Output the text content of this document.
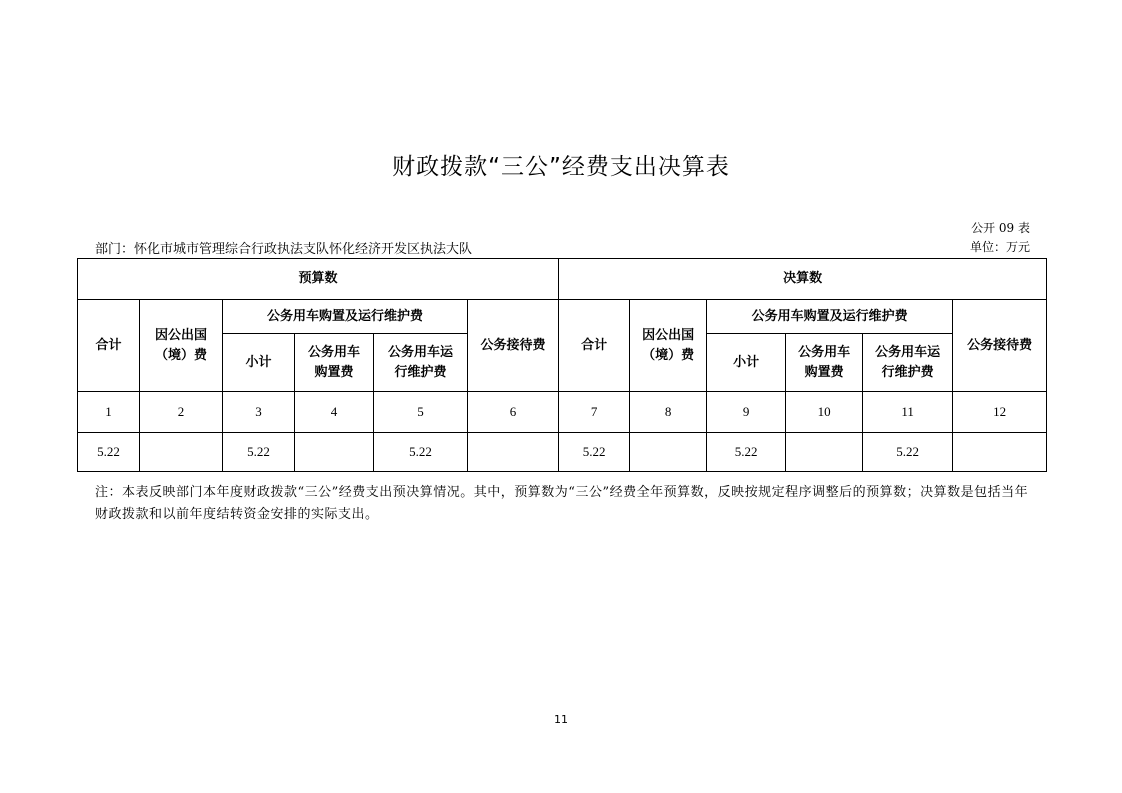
财政拨款“三公”经费支出决算表
公开 09 表
部门：怀化市城市管理综合行政执法支队怀化经济开发区执法大队	单位：万元
预算数						决算数					
合计	因公出国（境）费	公务用车购置及运行维护费			公务接待费	合计	因公出国（境）费	公务用车购置及运行维护费			公务接待费
		小计	公务用车购置费	公务用车运行维护费				小计	公务用车购置费	公务用车运行维护费	

1	2	3	4	5	6	7	8	9	10	11	12
5.22		5.22		5.22		5.22		5.22		5.22	
注：本表反映部门本年度财政拨款“三公”经费支出预决算情况。其中，预算数为“三公”经费全年预算数，反映按规定程序调整后的预算数；决算数是包括当年财政拨款和以前年度结转资金安排的实际支出。
11
